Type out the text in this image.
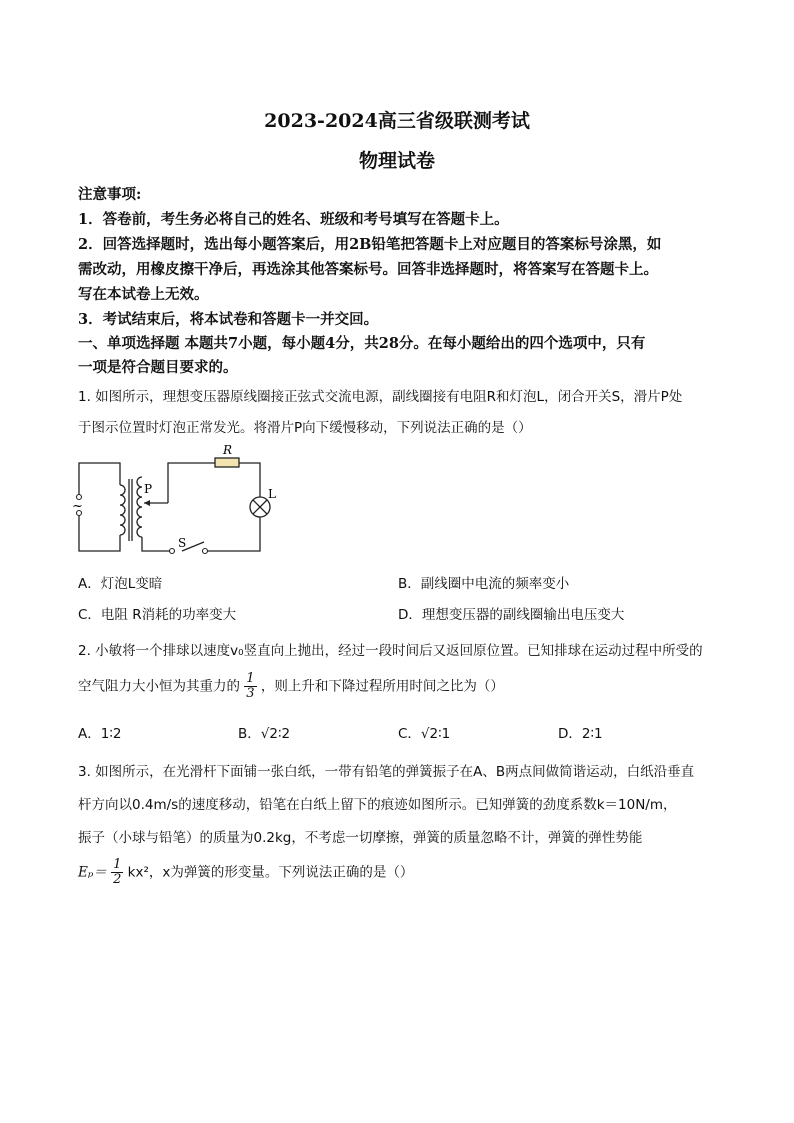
2023-2024高三省级联测考试
物理试卷
注意事项:
1．答卷前，考生务必将自己的姓名、班级和考号填写在答题卡上。
2．回答选择题时，选出每小题答案后，用2B铅笔把答题卡上对应题目的答案标号涂黑，如
需改动，用橡皮擦干净后，再选涂其他答案标号。回答非选择题时，将答案写在答题卡上。
写在本试卷上无效。
3．考试结束后，将本试卷和答题卡一并交回。
一、单项选择题 本题共7小题，每小题4分，共28分。在每小题给出的四个选项中，只有
一项是符合题目要求的。
1. 如图所示，理想变压器原线圈接正弦式交流电源，副线圈接有电阻R和灯泡L，闭合开关S，滑片P处
于图示位置时灯泡正常发光。将滑片P向下缓慢移动，下列说法正确的是（）
~
P
R
L
S
A．灯泡L变暗	B．副线圈中电流的频率变小
C．电阻 R消耗的功率变大	D．理想变压器的副线圈输出电压变大
2. 小敏将一个排球以速度v₀竖直向上抛出，经过一段时间后又返回原位置。已知排球在运动过程中所受的
空气阻力大小恒为其重力的 $\frac{1}{3}$ ，则上升和下降过程所用时间之比为（）
A．1∶2	B．√2∶2	C．√2∶1	D．2∶1
3. 如图所示，在光滑杆下面铺一张白纸，一带有铅笔的弹簧振子在A、B两点间做简谐运动，白纸沿垂直
杆方向以0.4m/s的速度移动，铅笔在白纸上留下的痕迹如图所示。已知弹簧的劲度系数k＝10N/m，
振子（小球与铅笔）的质量为0.2kg，不考虑一切摩擦，弹簧的质量忽略不计，弹簧的弹性势能
$E_p= \frac{1}{2} kx^2$，x为弹簧的形变量。下列说法正确的是（）
